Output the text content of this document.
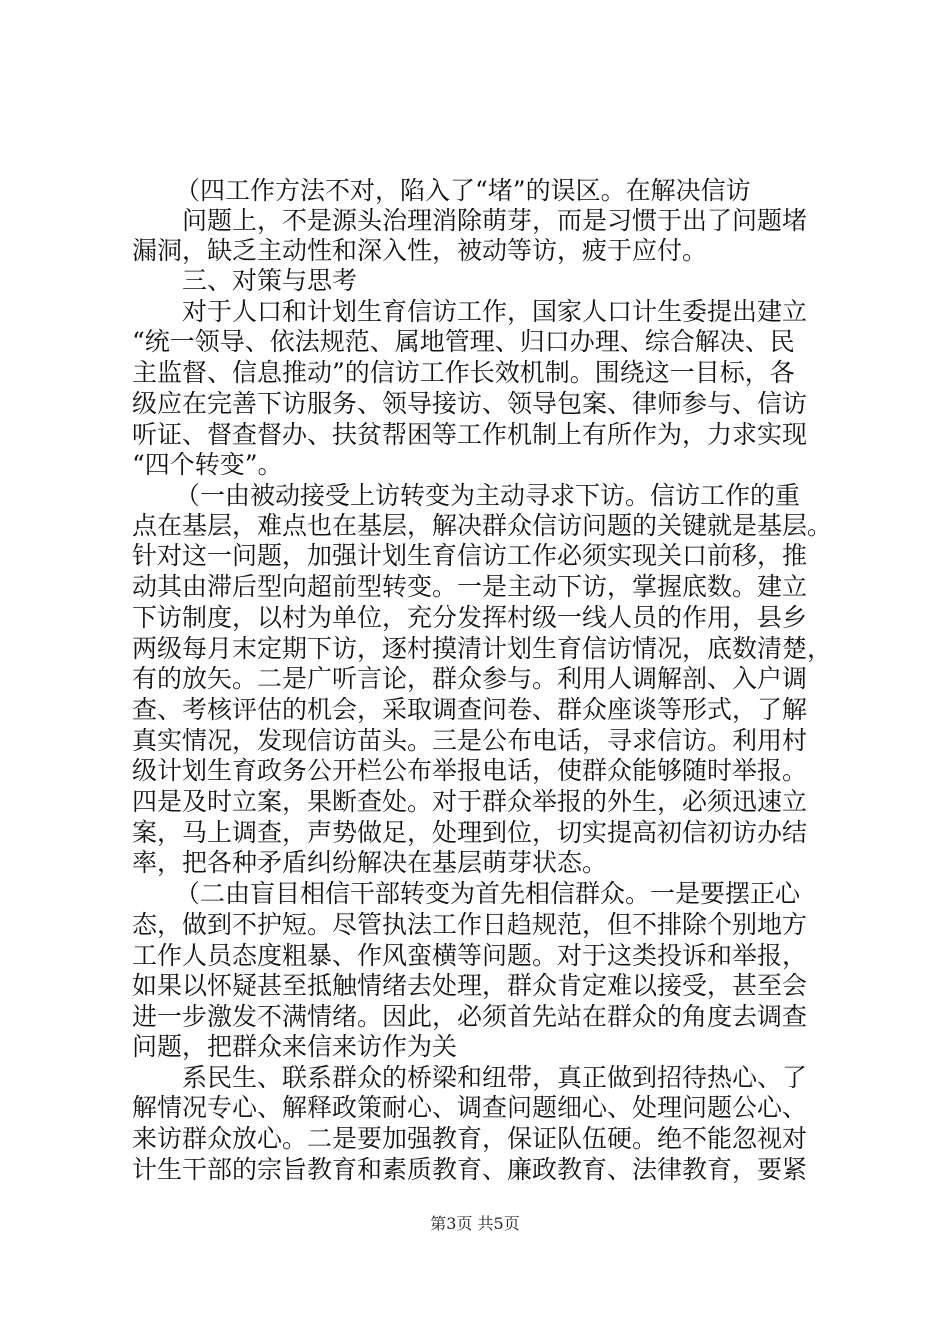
（四工作方法不对，陷入了“堵”的误区。在解决信访
问题上，不是源头治理消除萌芽，而是习惯于出了问题堵
漏洞，缺乏主动性和深入性，被动等访，疲于应付。
三、对策与思考
对于人口和计划生育信访工作，国家人口计生委提出建立
“统一领导、依法规范、属地管理、归口办理、综合解决、民
主监督、信息推动”的信访工作长效机制。围绕这一目标，各
级应在完善下访服务、领导接访、领导包案、律师参与、信访
听证、督查督办、扶贫帮困等工作机制上有所作为，力求实现
“四个转变”。
（一由被动接受上访转变为主动寻求下访。信访工作的重
点在基层，难点也在基层，解决群众信访问题的关键就是基层。
针对这一问题，加强计划生育信访工作必须实现关口前移，推
动其由滞后型向超前型转变。一是主动下访，掌握底数。建立
下访制度，以村为单位，充分发挥村级一线人员的作用，县乡
两级每月末定期下访，逐村摸清计划生育信访情况，底数清楚，
有的放矢。二是广听言论，群众参与。利用人调解剖、入户调
查、考核评估的机会，采取调查问卷、群众座谈等形式，了解
真实情况，发现信访苗头。三是公布电话，寻求信访。利用村
级计划生育政务公开栏公布举报电话，使群众能够随时举报。
四是及时立案，果断查处。对于群众举报的外生，必须迅速立
案，马上调查，声势做足，处理到位，切实提高初信初访办结
率，把各种矛盾纠纷解决在基层萌芽状态。
（二由盲目相信干部转变为首先相信群众。一是要摆正心
态，做到不护短。尽管执法工作日趋规范，但不排除个别地方
工作人员态度粗暴、作风蛮横等问题。对于这类投诉和举报，
如果以怀疑甚至抵触情绪去处理，群众肯定难以接受，甚至会
进一步激发不满情绪。因此，必须首先站在群众的角度去调查
问题，把群众来信来访作为关
系民生、联系群众的桥梁和纽带，真正做到招待热心、了
解情况专心、解释政策耐心、调查问题细心、处理问题公心、
来访群众放心。二是要加强教育，保证队伍硬。绝不能忽视对
计生干部的宗旨教育和素质教育、廉政教育、法律教育，要紧
第3页 共5页
